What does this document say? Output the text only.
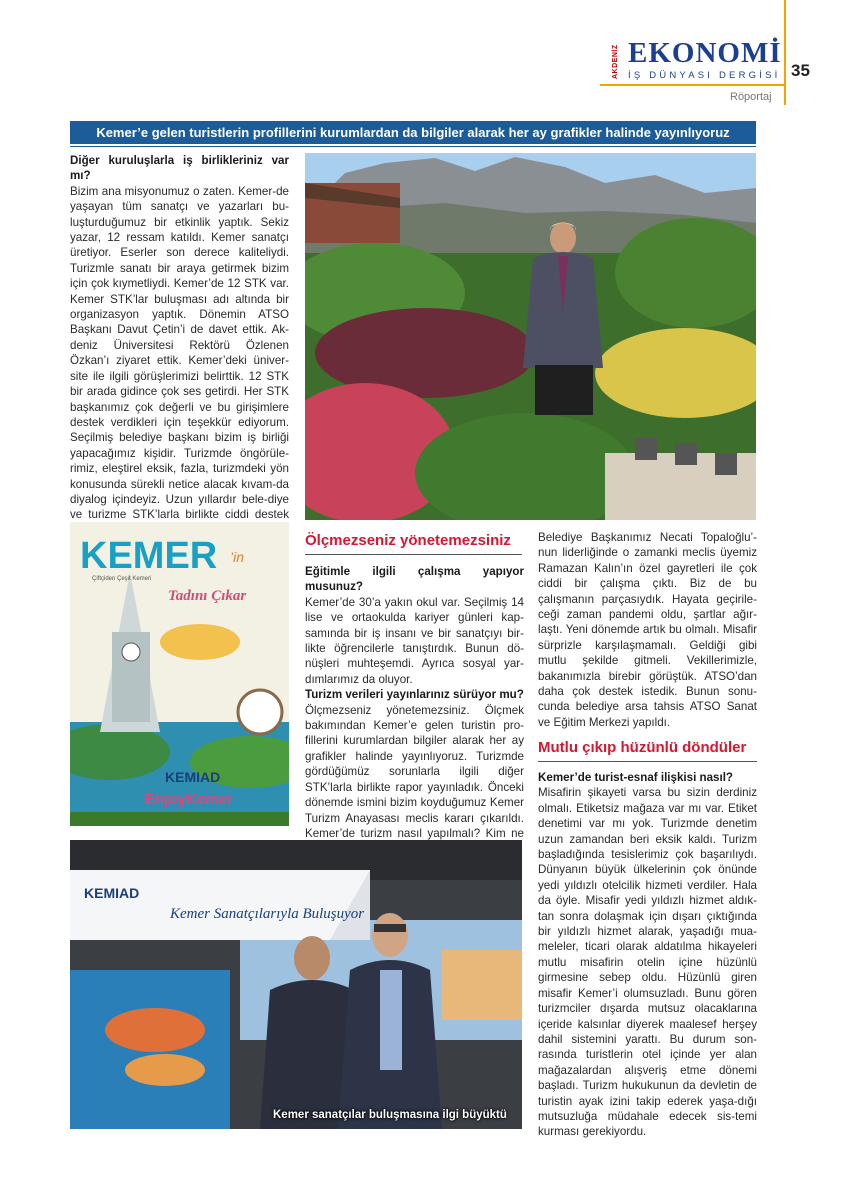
AKDENİZ EKONOMİ
İŞ DÜNYASI DERGİSİ 35
Röportaj
Kemer’e gelen turistlerin profillerini kurumlardan da bilgiler alarak her ay grafikler halinde yayınlıyoruz

Diğer kuruluşlarla iş birlikleriniz var mı?

Bizim ana misyonumuz o zaten. Kemer-de yaşayan tüm sanatçı ve yazarları bu-luşturduğumuz bir etkinlik yaptık. Sekiz yazar, 12 ressam katıldı. Kemer sanatçı üretiyor. Eserler son derece kaliteliydi. Turizmle sanatı bir araya getirmek bizim için çok kıymetliydi. Kemer’de 12 STK var. Kemer STK’lar buluşması adı altında bir organizasyon yaptık. Dönemin ATSO Başkanı Davut Çetin’i de davet ettik. Ak-deniz Üniversitesi Rektörü Özlenen Özkan’ı ziyaret ettik. Kemer’deki üniver-site ile ilgili görüşlerimizi belirttik. 12 STK bir arada gidince çok ses getirdi. Her STK başkanımız çok değerli ve bu girişimlere destek verdikleri için teşekkür ediyorum. Seçilmiş belediye başkanı bizim iş birliği yapacağımız kişidir. Turizmde öngörüle-rimiz, eleştirel eksik, fazla, turizmdeki yön konusunda sürekli netice alacak kıvam-da diyalog içindeyiz. Uzun yıllardır bele-diye ve turizme STK’larla birlikte ciddi destek

KEMER ’in
Çiftçiden Çeşit Kemeri
Tadını Çıkar
KEMIAD
EnjoyKemer
Ölçmezseniz yönetemezsiniz

Eğitimle ilgili çalışma yapıyor musunuz?

Kemer’de 30’a yakın okul var. Seçilmiş 14 lise ve ortaokulda kariyer günleri kap-samında bir iş insanı ve bir sanatçıyı bir-likte öğrencilerle tanıştırdık. Bunun dö-nüşleri muhteşemdi. Ayrıca sosyal yar-dımlarımız da oluyor.

Turizm verileri yayınlarınız sürüyor mu?

Ölçmezseniz yönetemezsiniz. Ölçmek bakımından Kemer’e gelen turistin pro-fillerini kurumlardan bilgiler alarak her ay grafikler halinde yayınlıyoruz. Turizmde gördüğümüz sorunlarla ilgili diğer STK’larla birlikte rapor yayınladık. Önceki dönemde ismini bizim koyduğumuz Kemer Turizm Anayasası meclis kararı çıkarıldı. Kemer’de turizm nasıl yapılmalı? Kim ne

Belediye Başkanımız Necati Topaloğlu’-nun liderliğinde o zamanki meclis üyemiz Ramazan Kalın’ın özel gayretleri ile çok ciddi bir çalışma çıktı. Biz de bu çalışmanın parçasıydık. Hayata geçirile-ceği zaman pandemi oldu, şartlar ağır-laştı. Yeni dönemde artık bu olmalı. Misafir sürprizle karşılaşmamalı. Geldiği gibi mutlu şekilde gitmeli. Vekillerimizle, bakanımızla birebir görüştük. ATSO’dan daha çok destek istedik. Bunun sonu-cunda belediye arsa tahsis ATSO Sanat ve Eğitim Merkezi yapıldı.

Mutlu çıkıp hüzünlü döndüler

Kemer’de turist-esnaf ilişkisi nasıl?

Misafirin şikayeti varsa bu sizin derdiniz olmalı. Etiketsiz mağaza var mı var. Etiket denetimi var mı yok. Turizmde denetim uzun zamandan beri eksik kaldı. Turizm başladığında tesislerimiz çok başarılıydı. Dünyanın büyük ülkelerinin çok önünde yedi yıldızlı otelcilik hizmeti verdiler. Hala da öyle. Misafir yedi yıldızlı hizmet aldık-tan sonra dolaşmak için dışarı çıktığında bir yıldızlı hizmet alarak, yaşadığı mua-meleler, ticari olarak aldatılma hikayeleri mutlu misafirin otelin içine hüzünlü girmesine sebep oldu. Hüzünlü giren misafir Kemer’i olumsuzladı. Bunu gören turizmciler dışarda mutsuz olacaklarına içeride kalsınlar diyerek maalesef herşey dahil sistemini yarattı. Bu durum son-rasında turistlerin otel içinde yer alan mağazalardan alışveriş etme dönemi başladı. Turizm hukukunun da devletin de turistin ayak izini takip ederek yaşa-dığı mutsuzluğa müdahale edecek sis-temi kurması gerekiyordu.

KEMIAD
Kemer Sanatçılarıyla Buluşuyor
Kemer sanatçılar buluşmasına ilgi büyüktü
